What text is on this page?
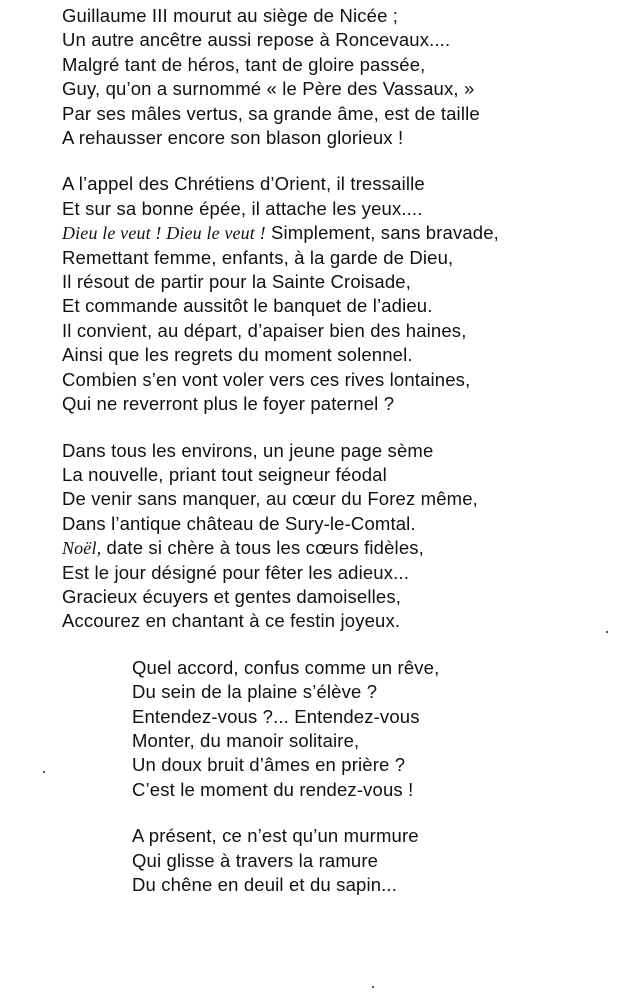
Guillaume III mourut au siège de Nicée ;
Un autre ancêtre aussi repose à Roncevaux....
Malgré tant de héros, tant de gloire passée,
Guy, qu’on a surnommé « le Père des Vassaux, »
Par ses mâles vertus, sa grande âme, est de taille
A rehausser encore son blason glorieux !
A l’appel des Chrétiens d’Orient, il tressaille
Et sur sa bonne épée, il attache les yeux....
Dieu le veut ! Dieu le veut ! Simplement, sans bravade,
Remettant femme, enfants, à la garde de Dieu,
Il résout de partir pour la Sainte Croisade,
Et commande aussitôt le banquet de l’adieu.
Il convient, au départ, d’apaiser bien des haines,
Ainsi que les regrets du moment solennel.
Combien s’en vont voler vers ces rives lontaines,
Qui ne reverront plus le foyer paternel ?
Dans tous les environs, un jeune page sème
La nouvelle, priant tout seigneur féodal
De venir sans manquer, au cœur du Forez même,
Dans l’antique château de Sury-le-Comtal.
Noël, date si chère à tous les cœurs fidèles,
Est le jour désigné pour fêter les adieux...
Gracieux écuyers et gentes damoiselles,
Accourez en chantant à ce festin joyeux.
Quel accord, confus comme un rêve,
Du sein de la plaine s’élève ?
Entendez-vous ?... Entendez-vous
Monter, du manoir solitaire,
Un doux bruit d’âmes en prière ?
C’est le moment du rendez-vous !
A présent, ce n’est qu’un murmure
Qui glisse à travers la ramure
Du chêne en deuil et du sapin...
